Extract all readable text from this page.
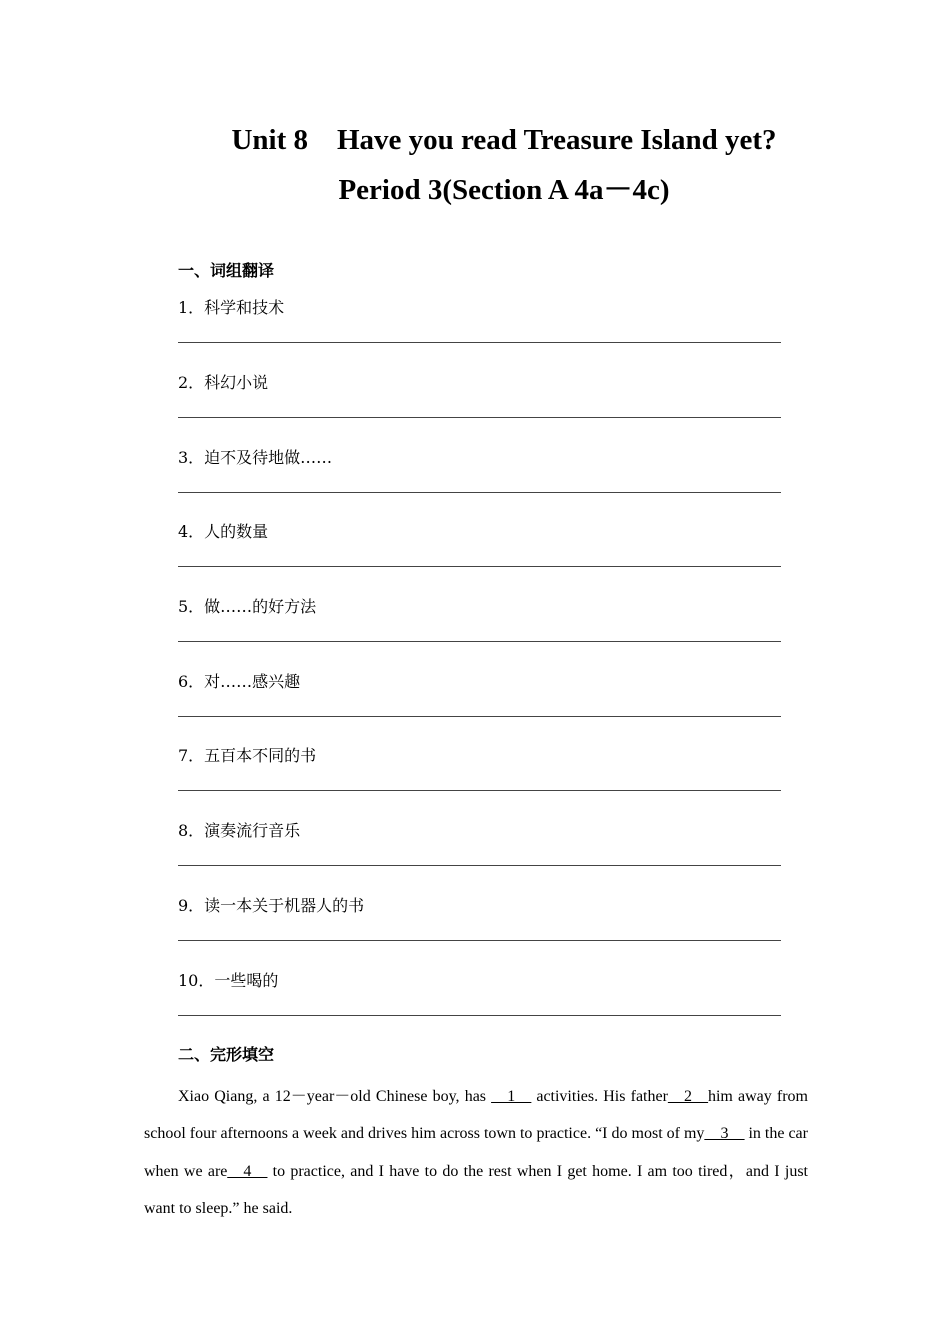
Unit 8    Have you read Treasure Island yet?
Period 3(Section A 4a－4c)
一、词组翻译
1．科学和技术
2．科幻小说
3．迫不及待地做……
4．人的数量
5．做……的好方法
6．对……感兴趣
7．五百本不同的书
8．演奏流行音乐
9．读一本关于机器人的书
10．一些喝的
二、完形填空

Xiao Qiang, a 12－year－old Chinese boy, has __1__ activities. His father__2__him away from school four afternoons a week and drives him across town to practice. “I do most of my__3__ in the car when we are__4__ to practice, and I have to do the rest when I get home. I am too tired，and I just want to sleep.” he said.
